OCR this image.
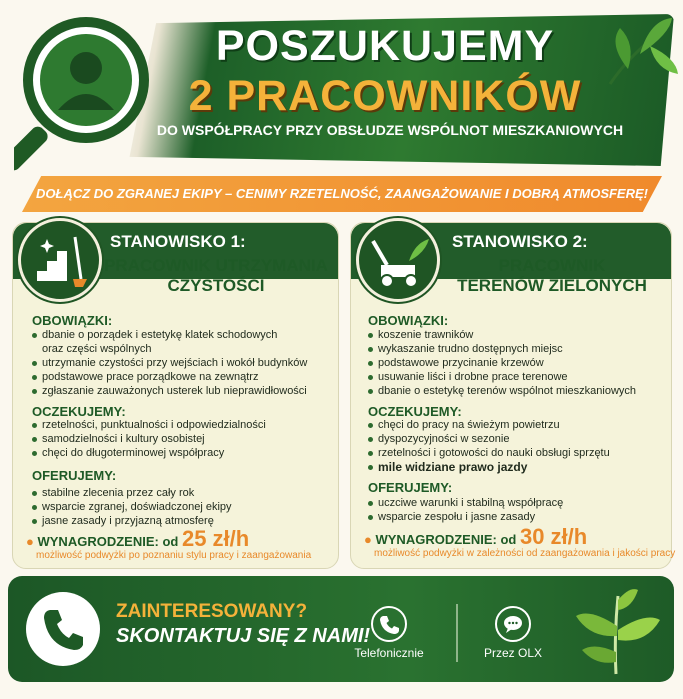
POSZUKUJEMY
2 PRACOWNIKÓW
DO WSPÓŁPRACY PRZY OBSŁUDZE WSPÓLNOT MIESZKANIOWYCH
DOŁĄCZ DO ZGRANEJ EKIPY – CENIMY RZETELNOŚĆ, ZAANGAŻOWANIE I DOBRĄ ATMOSFERĘ!
STANOWISKO 1:
PRACOWNIK UTRZYMANIA
CZYSTOŚCI
OBOWIĄZKI:
dbanie o porządek i estetykę klatek schodowych
oraz części wspólnych
utrzymanie czystości przy wejściach i wokół budynków
podstawowe prace porządkowe na zewnątrz
zgłaszanie zauważonych usterek lub nieprawidłowości
OCZEKUJEMY:
rzetelności, punktualności i odpowiedzialności
samodzielności i kultury osobistej
chęci do długoterminowej współpracy
OFERUJEMY:
stabilne zlecenia przez cały rok
wsparcie zgranej, doświadczonej ekipy
jasne zasady i przyjazną atmosferę
● WYNAGRODZENIE: od 25 zł/h
możliwość podwyżki po poznaniu stylu pracy i zaangażowania
STANOWISKO 2:
PRACOWNIK
TERENÓW ZIELONYCH
OBOWIĄZKI:
koszenie trawników
wykaszanie trudno dostępnych miejsc
podstawowe przycinanie krzewów
usuwanie liści i drobne prace terenowe
dbanie o estetykę terenów wspólnot mieszkaniowych
OCZEKUJEMY:
chęci do pracy na świeżym powietrzu
dyspozycyjności w sezonie
rzetelności i gotowości do nauki obsługi sprzętu
mile widziane prawo jazdy
OFERUJEMY:
uczciwe warunki i stabilną współpracę
wsparcie zespołu i jasne zasady
● WYNAGRODZENIE: od 30 zł/h
możliwość podwyżki w zależności od zaangażowania i jakości pracy
ZAINTERESOWANY?
SKONTAKTUJ SIĘ Z NAMI!
Telefonicznie	Przez OLX
